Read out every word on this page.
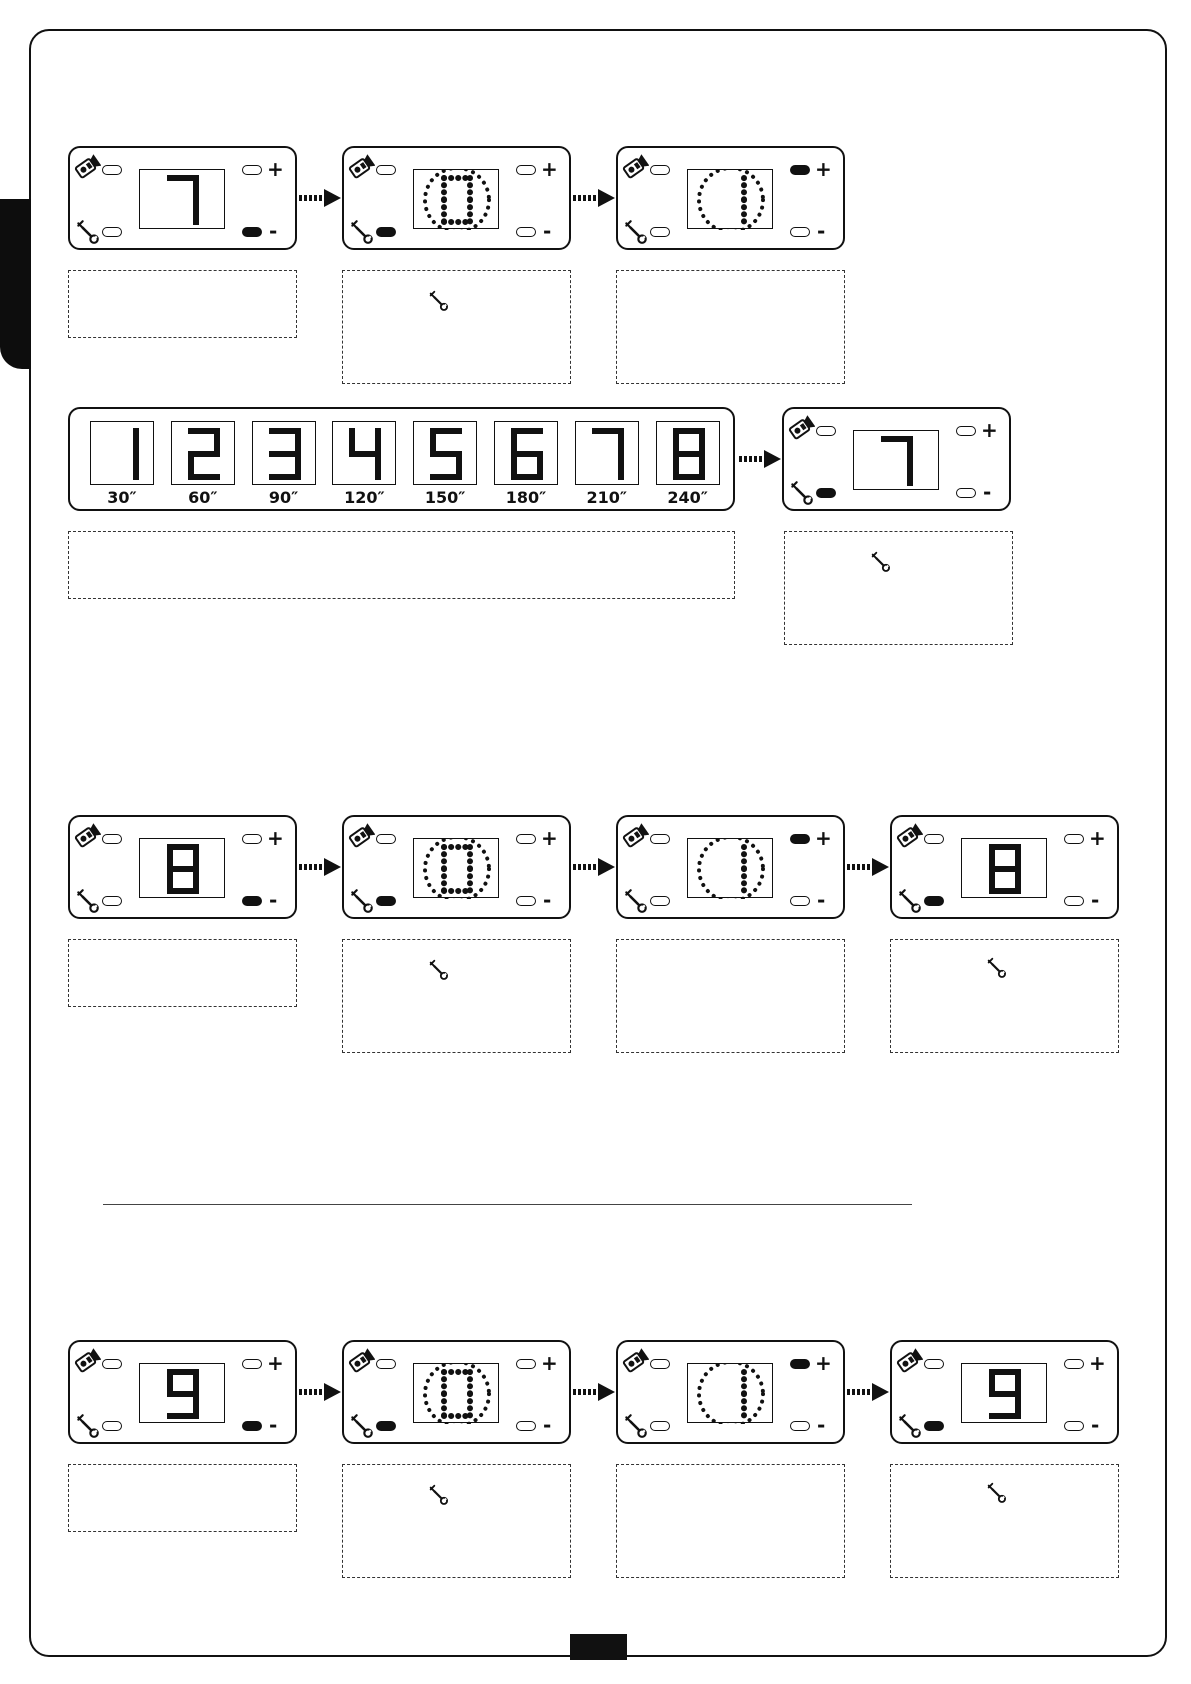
+
-
+
-
+
-
30″	60″	90″	120″	150″	180″	210″	240″
+
-
+
-
+
-
+
-
+
-
+
-
+
-
+
-
+
-
